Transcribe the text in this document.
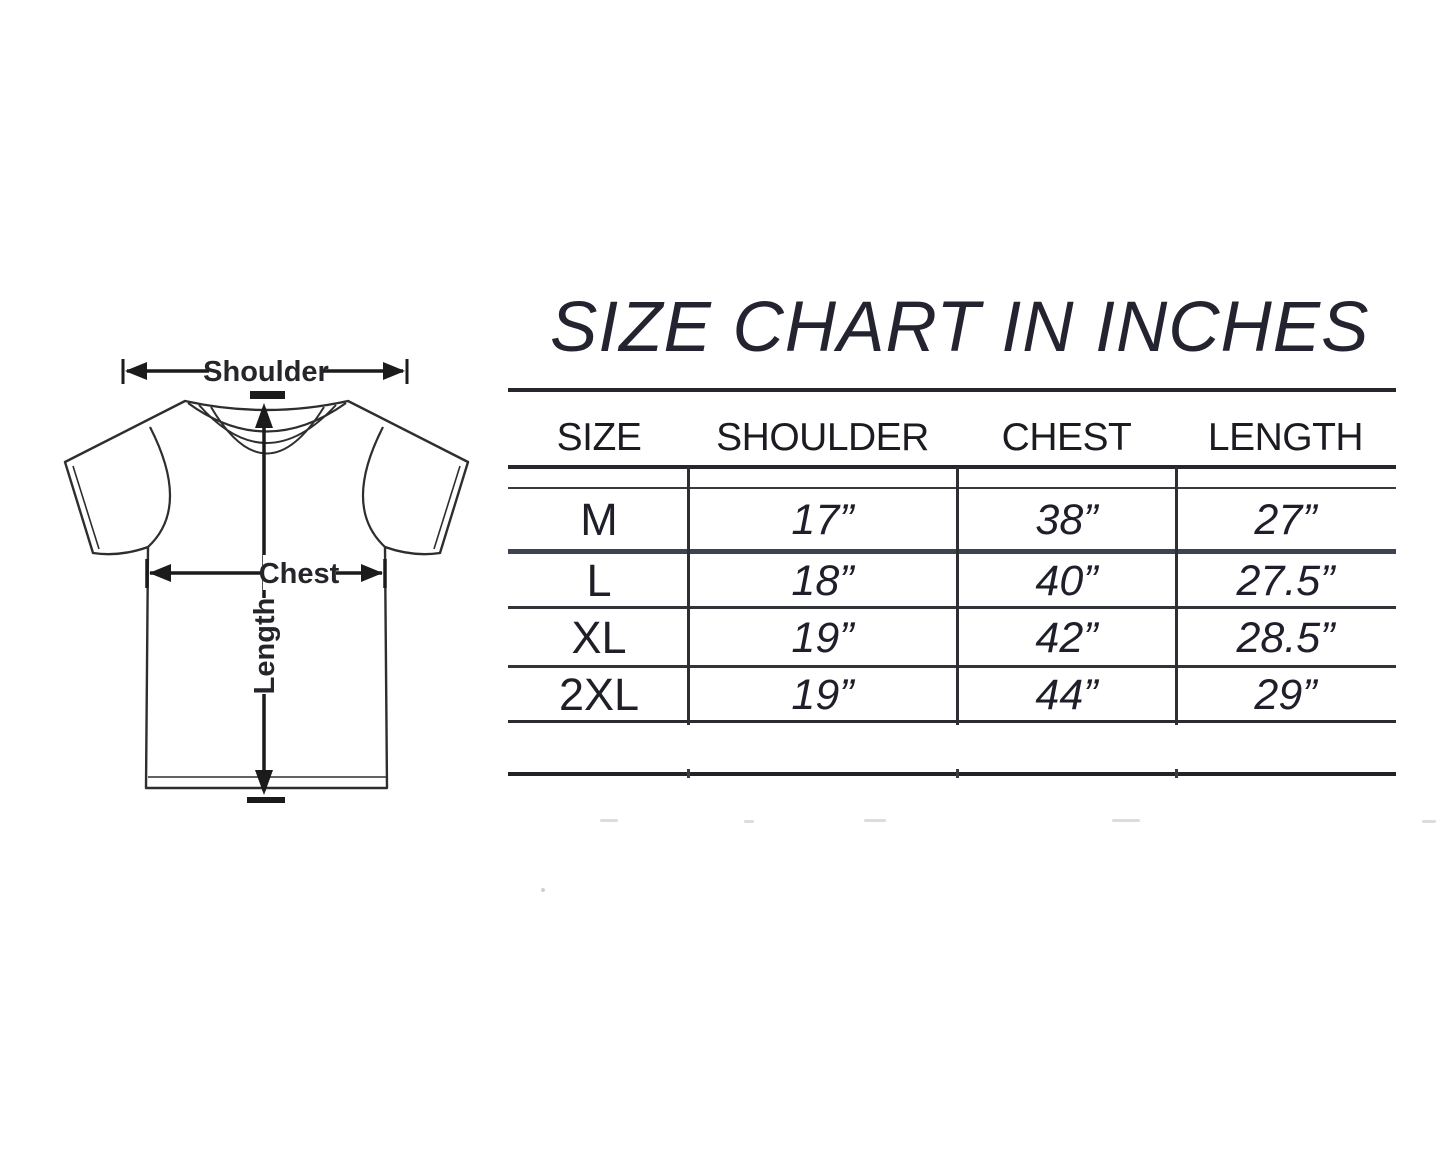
Length
Shoulder
Chest
SIZE CHART IN INCHES
SIZE	SHOULDER	CHEST	LENGTH
M	17”	38”	27”
L	18”	40”	27.5”
XL	19”	42”	28.5”
2XL	19”	44”	29”
